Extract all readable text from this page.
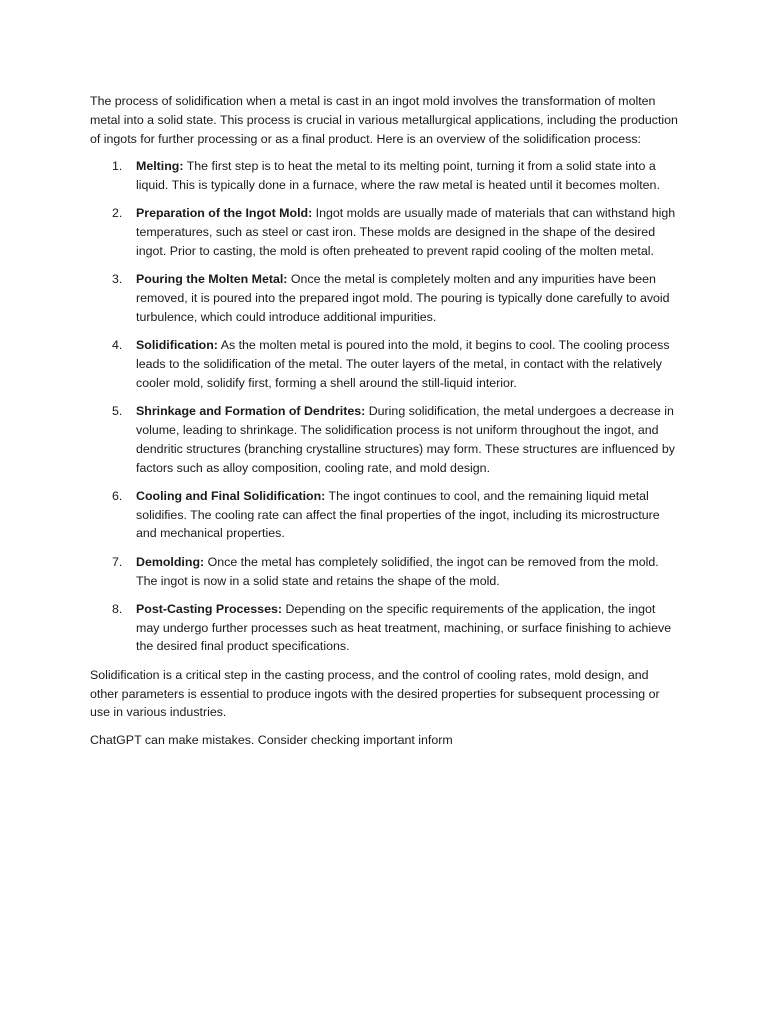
The process of solidification when a metal is cast in an ingot mold involves the transformation of molten metal into a solid state. This process is crucial in various metallurgical applications, including the production of ingots for further processing or as a final product. Here is an overview of the solidification process:

1. Melting: The first step is to heat the metal to its melting point, turning it from a solid state into a liquid. This is typically done in a furnace, where the raw metal is heated until it becomes molten.
2. Preparation of the Ingot Mold: Ingot molds are usually made of materials that can withstand high temperatures, such as steel or cast iron. These molds are designed in the shape of the desired ingot. Prior to casting, the mold is often preheated to prevent rapid cooling of the molten metal.
3. Pouring the Molten Metal: Once the metal is completely molten and any impurities have been removed, it is poured into the prepared ingot mold. The pouring is typically done carefully to avoid turbulence, which could introduce additional impurities.
4. Solidification: As the molten metal is poured into the mold, it begins to cool. The cooling process leads to the solidification of the metal. The outer layers of the metal, in contact with the relatively cooler mold, solidify first, forming a shell around the still-liquid interior.
5. Shrinkage and Formation of Dendrites: During solidification, the metal undergoes a decrease in volume, leading to shrinkage. The solidification process is not uniform throughout the ingot, and dendritic structures (branching crystalline structures) may form. These structures are influenced by factors such as alloy composition, cooling rate, and mold design.
6. Cooling and Final Solidification: The ingot continues to cool, and the remaining liquid metal solidifies. The cooling rate can affect the final properties of the ingot, including its microstructure and mechanical properties.
7. Demolding: Once the metal has completely solidified, the ingot can be removed from the mold. The ingot is now in a solid state and retains the shape of the mold.
8. Post-Casting Processes: Depending on the specific requirements of the application, the ingot may undergo further processes such as heat treatment, machining, or surface finishing to achieve the desired final product specifications.

Solidification is a critical step in the casting process, and the control of cooling rates, mold design, and other parameters is essential to produce ingots with the desired properties for subsequent processing or use in various industries.

ChatGPT can make mistakes. Consider checking important inform
